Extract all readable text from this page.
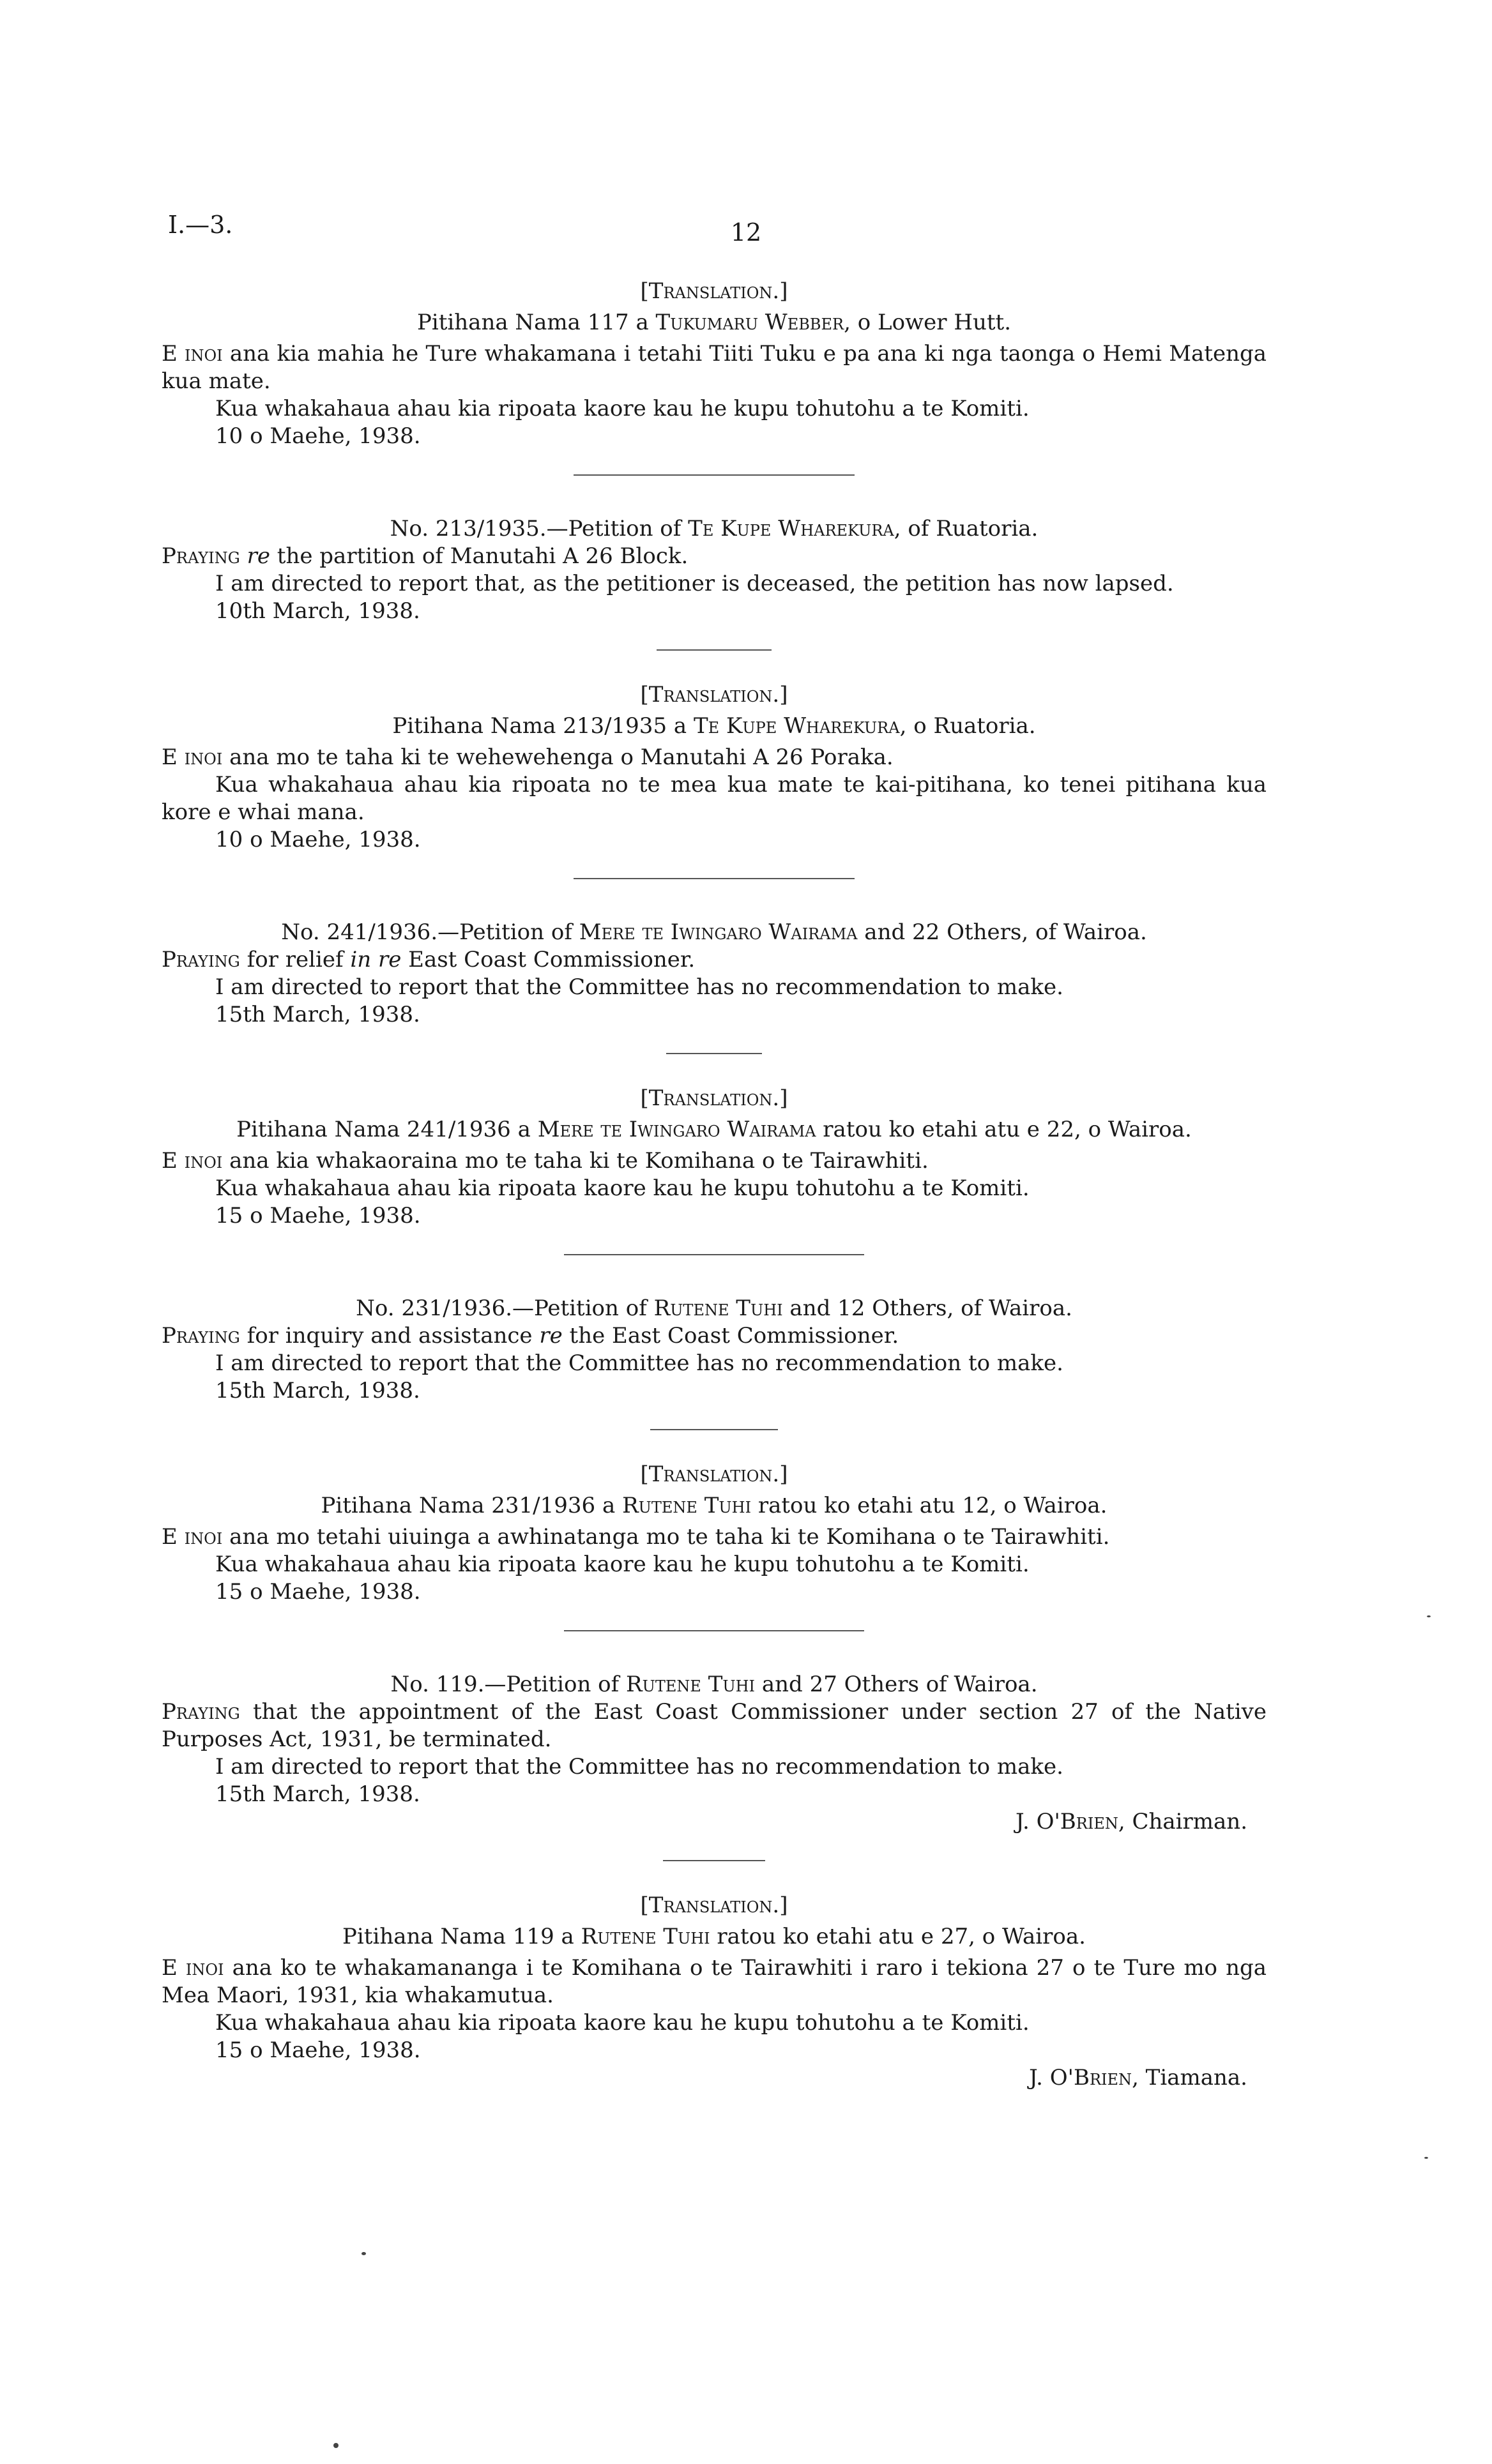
I.—3.	12

[Translation.]

Pitihana Nama 117 a Tukumaru Webber, o Lower Hutt.

E inoi ana kia mahia he Ture whakamana i tetahi Tiiti Tuku e pa ana ki nga taonga o Hemi Matenga kua mate.

Kua whakahaua ahau kia ripoata kaore kau he kupu tohutohu a te Komiti.

10 o Maehe, 1938.

No. 213/1935.—Petition of Te Kupe Wharekura, of Ruatoria.

Praying re the partition of Manutahi A 26 Block.

I am directed to report that, as the petitioner is deceased, the petition has now lapsed.

10th March, 1938.

[Translation.]

Pitihana Nama 213/1935 a Te Kupe Wharekura, o Ruatoria.

E inoi ana mo te taha ki te wehewehenga o Manutahi A 26 Poraka.

Kua whakahaua ahau kia ripoata no te mea kua mate te kai-pitihana, ko tenei pitihana kua kore e whai mana.

10 o Maehe, 1938.

No. 241/1936.—Petition of Mere te Iwingaro Wairama and 22 Others, of Wairoa.

Praying for relief in re East Coast Commissioner.

I am directed to report that the Committee has no recommendation to make.

15th March, 1938.

[Translation.]

Pitihana Nama 241/1936 a Mere te Iwingaro Wairama ratou ko etahi atu e 22, o Wairoa.

E inoi ana kia whakaoraina mo te taha ki te Komihana o te Tairawhiti.

Kua whakahaua ahau kia ripoata kaore kau he kupu tohutohu a te Komiti.

15 o Maehe, 1938.

No. 231/1936.—Petition of Rutene Tuhi and 12 Others, of Wairoa.

Praying for inquiry and assistance re the East Coast Commissioner.

I am directed to report that the Committee has no recommendation to make.

15th March, 1938.

[Translation.]

Pitihana Nama 231/1936 a Rutene Tuhi ratou ko etahi atu 12, o Wairoa.

E inoi ana mo tetahi uiuinga a awhinatanga mo te taha ki te Komihana o te Tairawhiti.

Kua whakahaua ahau kia ripoata kaore kau he kupu tohutohu a te Komiti.

15 o Maehe, 1938.

No. 119.—Petition of Rutene Tuhi and 27 Others of Wairoa.

Praying that the appointment of the East Coast Commissioner under section 27 of the Native Purposes Act, 1931, be terminated.

I am directed to report that the Committee has no recommendation to make.

15th March, 1938.

J. O'Brien, Chairman.

[Translation.]

Pitihana Nama 119 a Rutene Tuhi ratou ko etahi atu e 27, o Wairoa.

E inoi ana ko te whakamananga i te Komihana o te Tairawhiti i raro i tekiona 27 o te Ture mo nga Mea Maori, 1931, kia whakamutua.

Kua whakahaua ahau kia ripoata kaore kau he kupu tohutohu a te Komiti.

15 o Maehe, 1938.

J. O'Brien, Tiamana.
